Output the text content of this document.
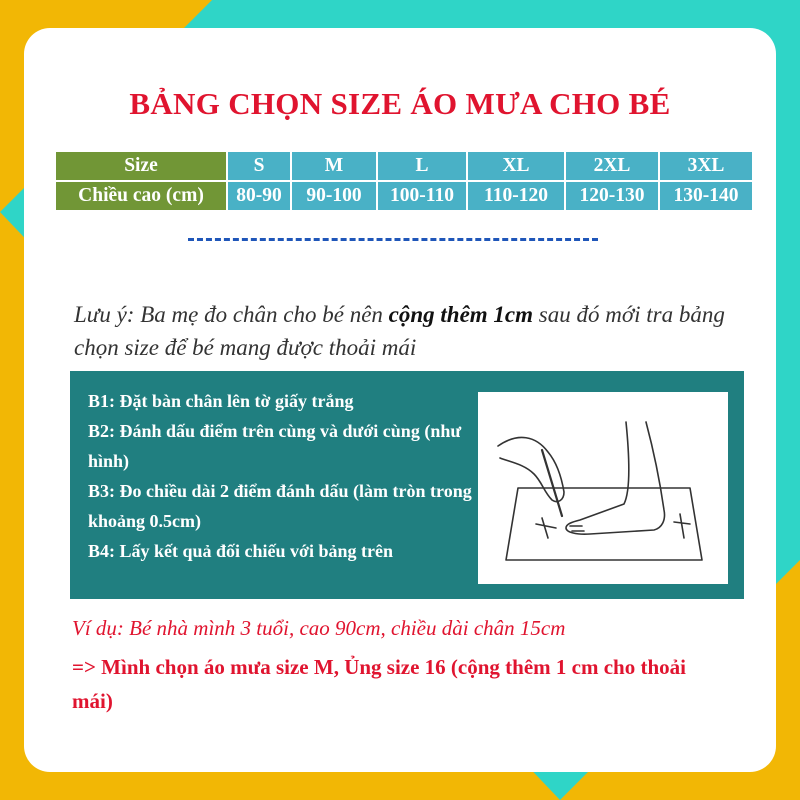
BẢNG CHỌN SIZE ÁO MƯA CHO BÉ
Size	S	M	L	XL	2XL	3XL
Chiều cao (cm)	80-90	90-100	100-110	110-120	120-130	130-140
Lưu ý: Ba mẹ đo chân cho bé nên cộng thêm 1cm sau đó mới tra bảng chọn size để bé mang được thoải mái
B1: Đặt bàn chân lên tờ giấy trắng
B2: Đánh dấu điểm trên cùng và dưới cùng (như hình)
B3: Đo chiều dài 2 điểm đánh dấu (làm tròn trong khoảng 0.5cm)
B4: Lấy kết quả đối chiếu với bảng trên
Ví dụ: Bé nhà mình 3 tuổi, cao 90cm, chiều dài chân 15cm
=> Mình chọn áo mưa size M, Ủng size 16 (cộng thêm 1 cm cho thoải mái)
